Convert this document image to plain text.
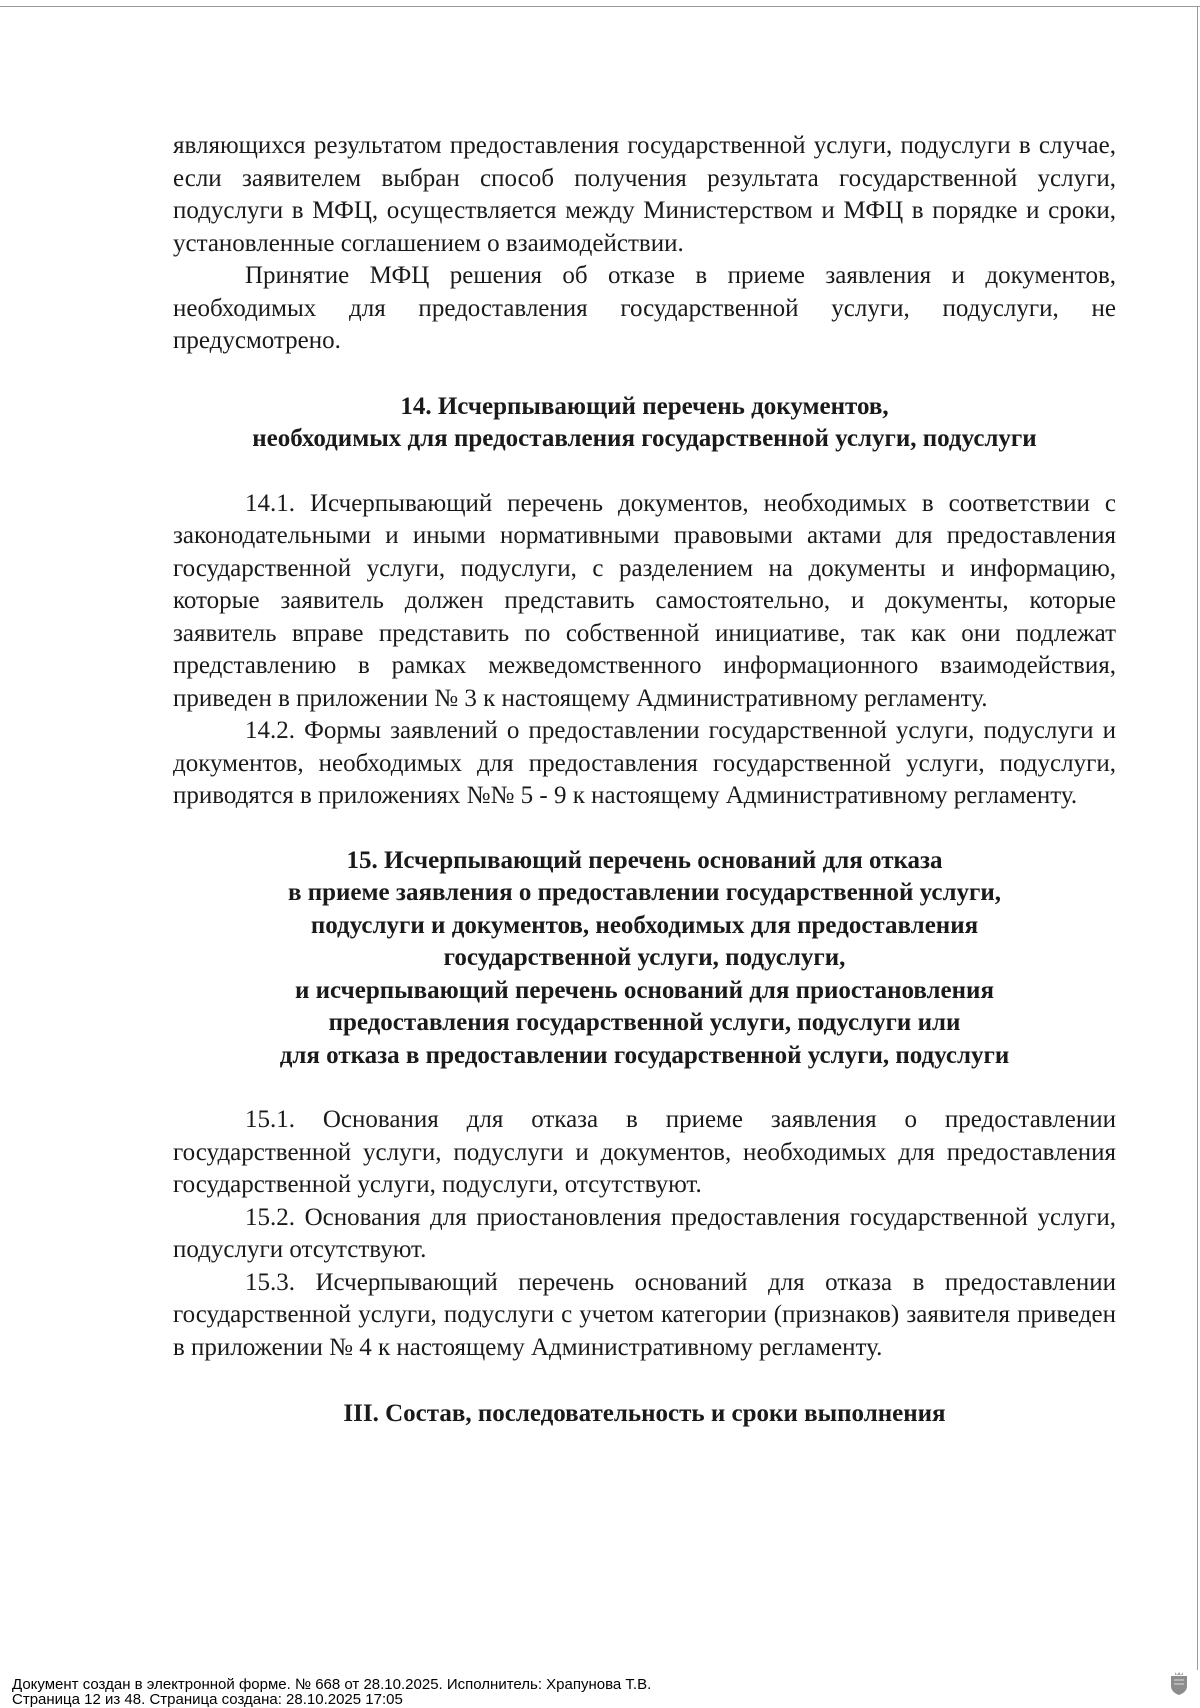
являющихся результатом предоставления государственной услуги, подуслуги в случае, если заявителем выбран способ получения результата государственной услуги, подуслуги в МФЦ, осуществляется между Министерством и МФЦ в порядке и сроки, установленные соглашением о взаимодействии.

Принятие МФЦ решения об отказе в приеме заявления и документов, необходимых для предоставления государственной услуги, подуслуги, не предусмотрено.

14. Исчерпывающий перечень документов,
необходимых для предоставления государственной услуги, подуслуги

14.1. Исчерпывающий перечень документов, необходимых в соответствии с законодательными и иными нормативными правовыми актами для предоставления государственной услуги, подуслуги, с разделением на документы и информацию, которые заявитель должен представить самостоятельно, и документы, которые заявитель вправе представить по собственной инициативе, так как они подлежат представлению в рамках межведомственного информационного взаимодействия, приведен в приложении № 3 к настоящему Административному регламенту.

14.2. Формы заявлений о предоставлении государственной услуги, подуслуги и документов, необходимых для предоставления государственной услуги, подуслуги, приводятся в приложениях №№ 5 - 9 к настоящему Административному регламенту.

15. Исчерпывающий перечень оснований для отказа
в приеме заявления о предоставлении государственной услуги,
подуслуги и документов, необходимых для предоставления
государственной услуги, подуслуги,
и исчерпывающий перечень оснований для приостановления
предоставления государственной услуги, подуслуги или
для отказа в предоставлении государственной услуги, подуслуги

15.1. Основания для отказа в приеме заявления о предоставлении государственной услуги, подуслуги и документов, необходимых для предоставления государственной услуги, подуслуги, отсутствуют.

15.2. Основания для приостановления предоставления государственной услуги, подуслуги отсутствуют.

15.3. Исчерпывающий перечень оснований для отказа в предоставлении государственной услуги, подуслуги с учетом категории (признаков) заявителя приведен в приложении № 4 к настоящему Административному регламенту.

III. Состав, последовательность и сроки выполнения
Документ создан в электронной форме. № 668 от 28.10.2025. Исполнитель: Храпунова Т.В.
Страница 12 из 48. Страница создана: 28.10.2025 17:05
